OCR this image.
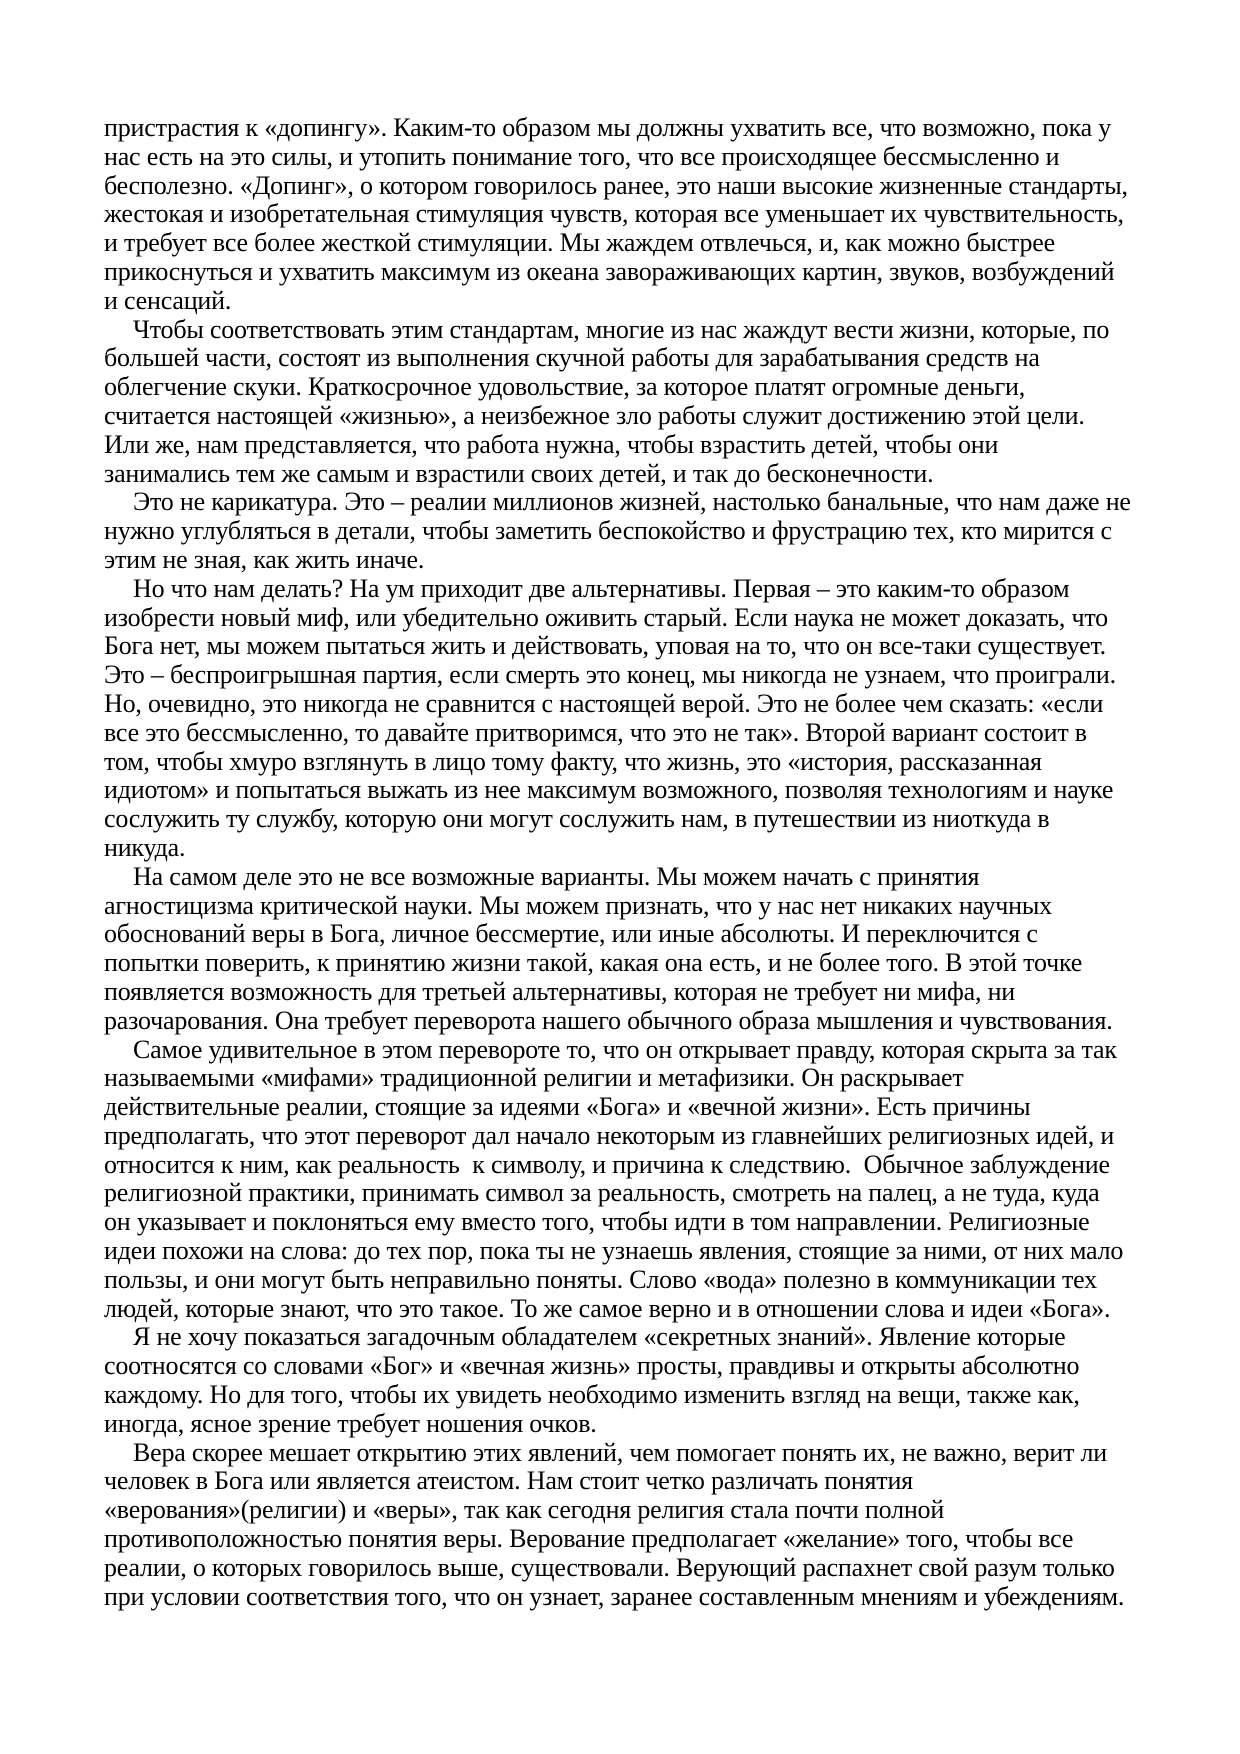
пристрастия к «допингу». Каким-то образом мы должны ухватить все, что возможно, пока у
нас есть на это силы, и утопить понимание того, что все происходящее бессмысленно и
бесполезно. «Допинг», о котором говорилось ранее, это наши высокие жизненные стандарты,
жестокая и изобретательная стимуляция чувств, которая все уменьшает их чувствительность,
и требует все более жесткой стимуляции. Мы жаждем отвлечься, и, как можно быстрее
прикоснуться и ухватить максимум из океана завораживающих картин, звуков, возбуждений
и сенсаций.
Чтобы соответствовать этим стандартам, многие из нас жаждут вести жизни, которые, по
большей части, состоят из выполнения скучной работы для зарабатывания средств на
облегчение скуки. Краткосрочное удовольствие, за которое платят огромные деньги,
считается настоящей «жизнью», а неизбежное зло работы служит достижению этой цели.
Или же, нам представляется, что работа нужна, чтобы взрастить детей, чтобы они
занимались тем же самым и взрастили своих детей, и так до бесконечности.
Это не карикатура. Это – реалии миллионов жизней, настолько банальные, что нам даже не
нужно углубляться в детали, чтобы заметить беспокойство и фрустрацию тех, кто мирится с
этим не зная, как жить иначе.
Но что нам делать? На ум приходит две альтернативы. Первая – это каким-то образом
изобрести новый миф, или убедительно оживить старый. Если наука не может доказать, что
Бога нет, мы можем пытаться жить и действовать, уповая на то, что он все-таки существует.
Это – беспроигрышная партия, если смерть это конец, мы никогда не узнаем, что проиграли.
Но, очевидно, это никогда не сравнится с настоящей верой. Это не более чем сказать: «если
все это бессмысленно, то давайте притворимся, что это не так». Второй вариант состоит в
том, чтобы хмуро взглянуть в лицо тому факту, что жизнь, это «история, рассказанная
идиотом» и попытаться выжать из нее максимум возможного, позволяя технологиям и науке
сослужить ту службу, которую они могут сослужить нам, в путешествии из ниоткуда в
никуда.
На самом деле это не все возможные варианты. Мы можем начать с принятия
агностицизма критической науки. Мы можем признать, что у нас нет никаких научных
обоснований веры в Бога, личное бессмертие, или иные абсолюты. И переключится с
попытки поверить, к принятию жизни такой, какая она есть, и не более того. В этой точке
появляется возможность для третьей альтернативы, которая не требует ни мифа, ни
разочарования. Она требует переворота нашего обычного образа мышления и чувствования.
Самое удивительное в этом перевороте то, что он открывает правду, которая скрыта за так
называемыми «мифами» традиционной религии и метафизики. Он раскрывает
действительные реалии, стоящие за идеями «Бога» и «вечной жизни». Есть причины
предполагать, что этот переворот дал начало некоторым из главнейших религиозных идей, и
относится к ним, как реальность  к символу, и причина к следствию.  Обычное заблуждение
религиозной практики, принимать символ за реальность, смотреть на палец, а не туда, куда
он указывает и поклоняться ему вместо того, чтобы идти в том направлении. Религиозные
идеи похожи на слова: до тех пор, пока ты не узнаешь явления, стоящие за ними, от них мало
пользы, и они могут быть неправильно поняты. Слово «вода» полезно в коммуникации тех
людей, которые знают, что это такое. То же самое верно и в отношении слова и идеи «Бога».
Я не хочу показаться загадочным обладателем «секретных знаний». Явление которые
соотносятся со словами «Бог» и «вечная жизнь» просты, правдивы и открыты абсолютно
каждому. Но для того, чтобы их увидеть необходимо изменить взгляд на вещи, также как,
иногда, ясное зрение требует ношения очков.
Вера скорее мешает открытию этих явлений, чем помогает понять их, не важно, верит ли
человек в Бога или является атеистом. Нам стоит четко различать понятия
«верования»(религии) и «веры», так как сегодня религия стала почти полной
противоположностью понятия веры. Верование предполагает «желание» того, чтобы все
реалии, о которых говорилось выше, существовали. Верующий распахнет свой разум только
при условии соответствия того, что он узнает, заранее составленным мнениям и убеждениям.
